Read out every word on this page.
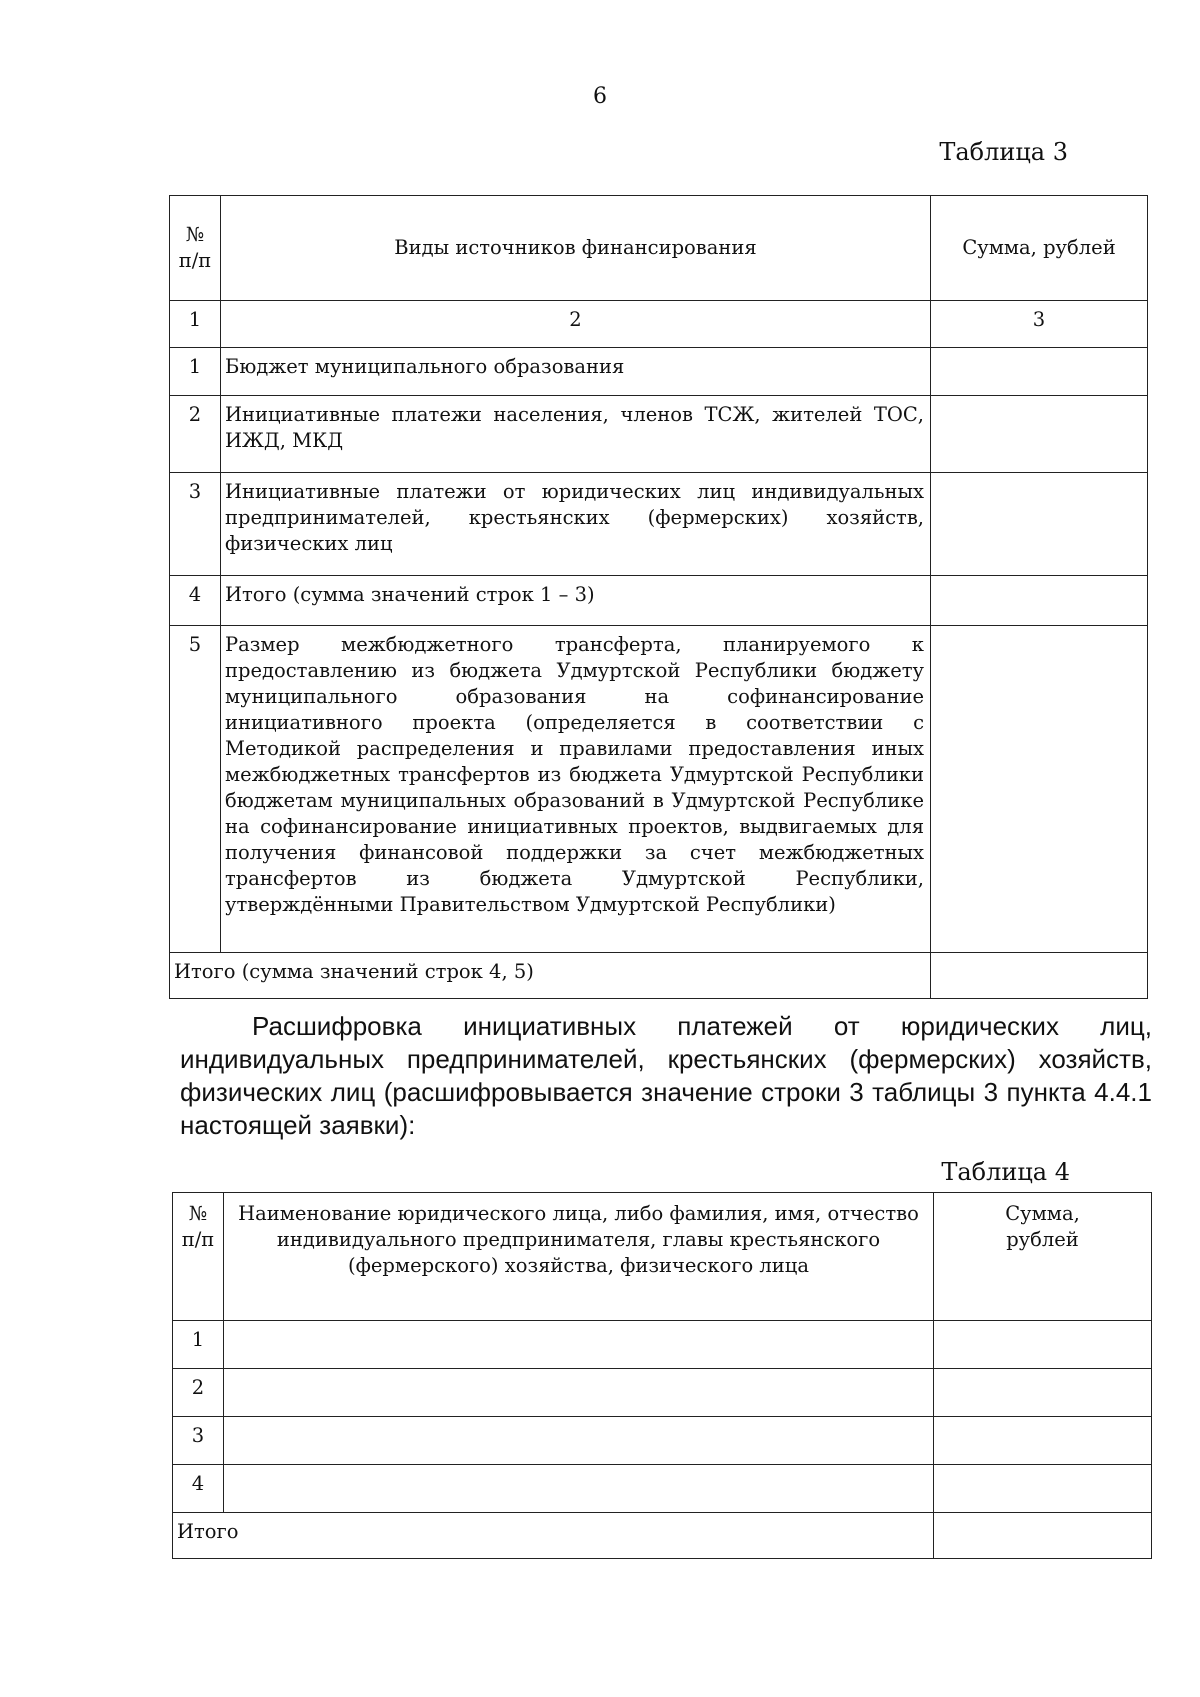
6
Таблица 3
№ п/п	Виды источников финансирования	Сумма, рублей
1	2	3
1	Бюджет муниципального образования	
2	Инициативные платежи населения, членов ТСЖ, жителей ТОС, ИЖД, МКД	
3	Инициативные платежи от юридических лиц индивидуальных предпринимателей, крестьянских (фермерских) хозяйств, физических лиц	
4	Итого (сумма значений строк 1 – 3)	
5	Размер межбюджетного трансферта, планируемого к предоставлению из бюджета Удмуртской Республики бюджету муниципального образования на софинансирование инициативного проекта (определяется в соответствии с Методикой распределения и правилами предоставления иных межбюджетных трансфертов из бюджета Удмуртской Республики бюджетам муниципальных образований в Удмуртской Республике на софинансирование инициативных проектов, выдвигаемых для получения финансовой поддержки за счет межбюджетных трансфертов из бюджета Удмуртской Республики, утверждёнными Правительством Удмуртской Республики)	
Итого (сумма значений строк 4, 5)		
Расшифровка инициативных платежей от юридических лиц, индивидуальных предпринимателей, крестьянских (фермерских) хозяйств, физических лиц (расшифровывается значение строки 3 таблицы 3 пункта 4.4.1 настоящей заявки):
Таблица 4
№ п/п	Наименование юридического лица, либо фамилия, имя, отчество индивидуального предпринимателя, главы крестьянского (фермерского) хозяйства, физического лица	Сумма, рублей
1		
2		
3		
4		
Итого		
